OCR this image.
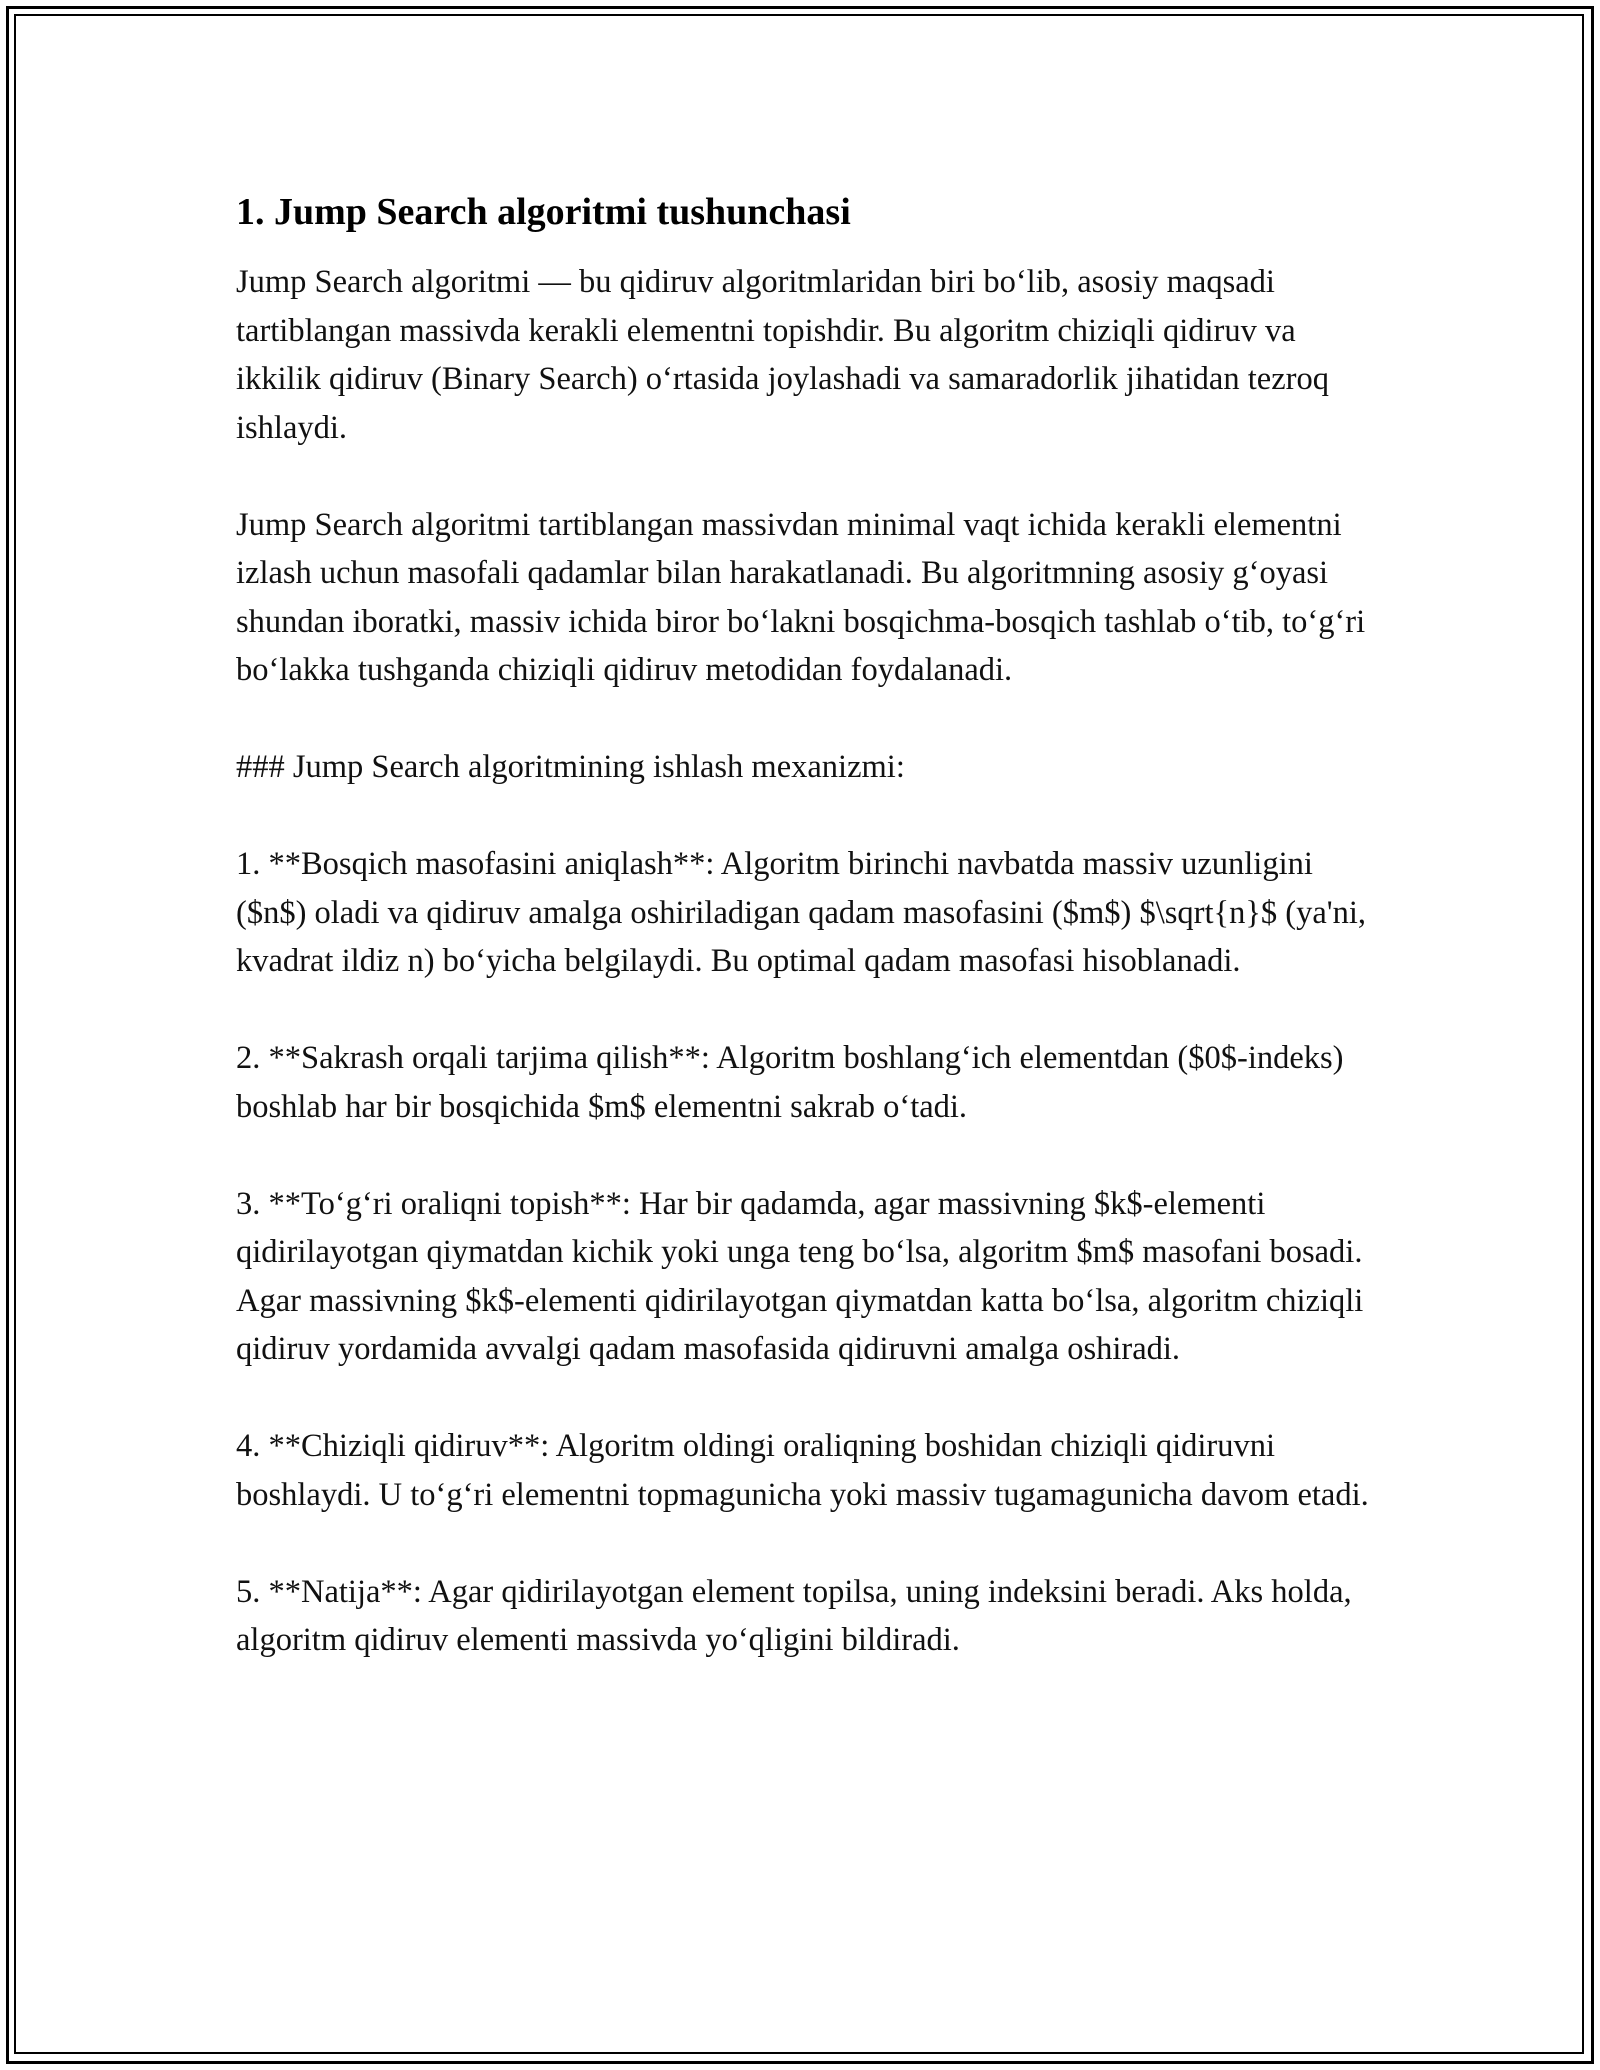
1. Jump Search algoritmi tushunchasi

Jump Search algoritmi — bu qidiruv algoritmlaridan biri bo‘lib, asosiy maqsadi tartiblangan massivda kerakli elementni topishdir. Bu algoritm chiziqli qidiruv va ikkilik qidiruv (Binary Search) o‘rtasida joylashadi va samaradorlik jihatidan tezroq ishlaydi.

Jump Search algoritmi tartiblangan massivdan minimal vaqt ichida kerakli elementni izlash uchun masofali qadamlar bilan harakatlanadi. Bu algoritmning asosiy g‘oyasi shundan iboratki, massiv ichida biror bo‘lakni bosqichma-bosqich tashlab o‘tib, to‘g‘ri bo‘lakka tushganda chiziqli qidiruv metodidan foydalanadi.

### Jump Search algoritmining ishlash mexanizmi:

1. **Bosqich masofasini aniqlash**: Algoritm birinchi navbatda massiv uzunligini ($n$) oladi va qidiruv amalga oshiriladigan qadam masofasini ($m$) $\sqrt{n}$ (ya'ni, kvadrat ildiz n) bo‘yicha belgilaydi. Bu optimal qadam masofasi hisoblanadi.

2. **Sakrash orqali tarjima qilish**: Algoritm boshlang‘ich elementdan ($0$-indeks) boshlab har bir bosqichida $m$ elementni sakrab o‘tadi.

3. **To‘g‘ri oraliqni topish**: Har bir qadamda, agar massivning $k$-elementi qidirilayotgan qiymatdan kichik yoki unga teng bo‘lsa, algoritm $m$ masofani bosadi. Agar massivning $k$-elementi qidirilayotgan qiymatdan katta bo‘lsa, algoritm chiziqli qidiruv yordamida avvalgi qadam masofasida qidiruvni amalga oshiradi.

4. **Chiziqli qidiruv**: Algoritm oldingi oraliqning boshidan chiziqli qidiruvni boshlaydi. U to‘g‘ri elementni topmagunicha yoki massiv tugamagunicha davom etadi.

5. **Natija**: Agar qidirilayotgan element topilsa, uning indeksini beradi. Aks holda, algoritm qidiruv elementi massivda yo‘qligini bildiradi.
